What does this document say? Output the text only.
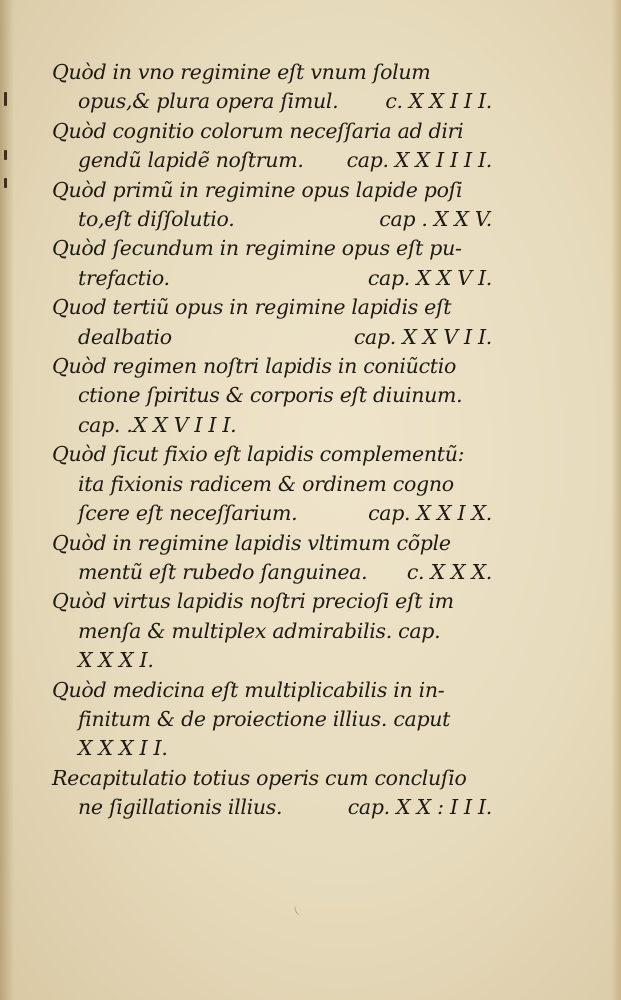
Quòd in vno regimine eſt vnum ſolum
opus,& plura opera ſimul. c. X X I I I.
Quòd cognitio colorum neceſſaria ad diri
gendũ lapidẽ noſtrum. cap. X X I I I I.
Quòd primũ in regimine opus lapide poſi
to,eſt diſſolutio.	cap . X X V.
Quòd ſecundum in regimine opus eſt pu-
trefactio.	cap. X X V I.
Quod tertiũ opus in regimine lapidis eſt
dealbatio	cap. X X V I I.
Quòd regimen noſtri lapidis in coniũctio
ctione ſpiritus & corporis eſt diuinum.
cap. .X X V I I I.
Quòd ſicut fixio eſt lapidis complementũ:
ita fixionis radicem & ordinem cogno
ſcere eſt neceſſarium.	cap. X X I X.
Quòd in regimine lapidis vltimum cõple
mentũ eſt rubedo ſanguinea. c. X X X.
Quòd virtus lapidis noſtri precioſi eſt im
menſa & multiplex admirabilis. cap.
X X X I.
Quòd medicina eſt multiplicabilis in in-
finitum & de proiectione illius. caput
X X X I I.
Recapitulatio totius operis cum concluſio
ne ſigillationis illius.	cap. X X : I I I.
